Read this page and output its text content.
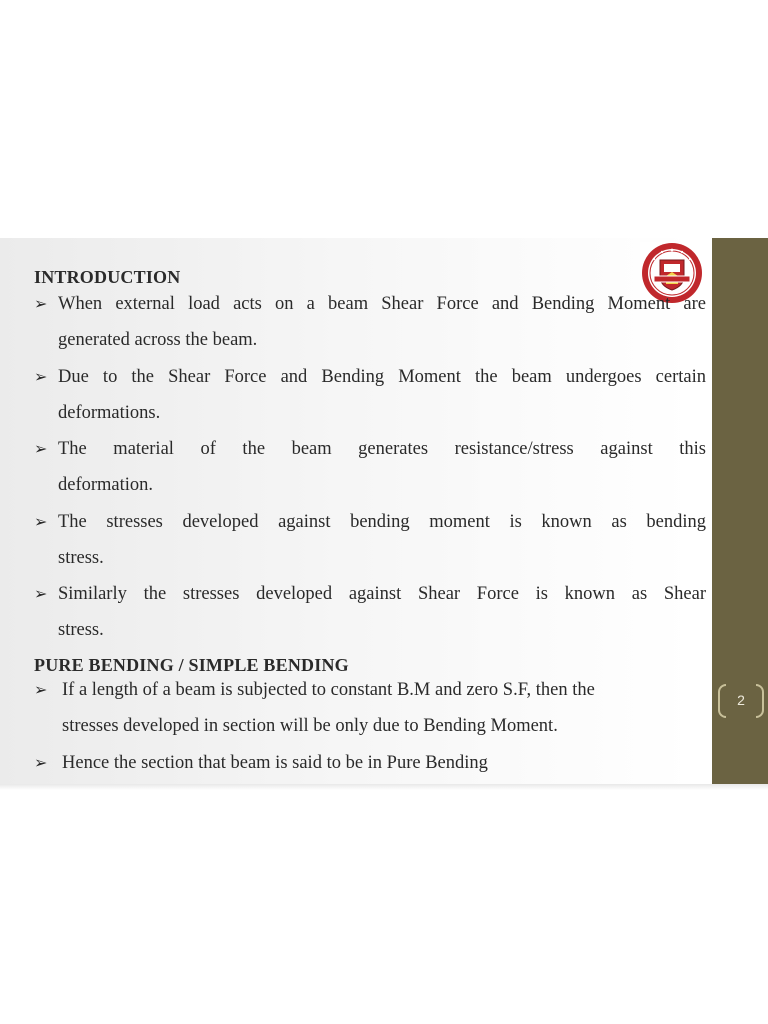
2
INTRODUCTION
➢ When external load acts on a beam Shear Force and Bending Moment are
generated across the beam.
➢ Due to the Shear Force and Bending Moment the beam undergoes certain
deformations.
➢ The material of the beam generates resistance/stress against this
deformation.
➢ The stresses developed against bending moment is known as bending
stress.
➢ Similarly the stresses developed against Shear Force is known as Shear
stress.
PURE BENDING / SIMPLE BENDING
➢ If a length of a beam is subjected to constant B.M and zero S.F, then the
stresses developed in section will be only due to Bending Moment.
➢ Hence the section that beam is said to be in Pure Bending
